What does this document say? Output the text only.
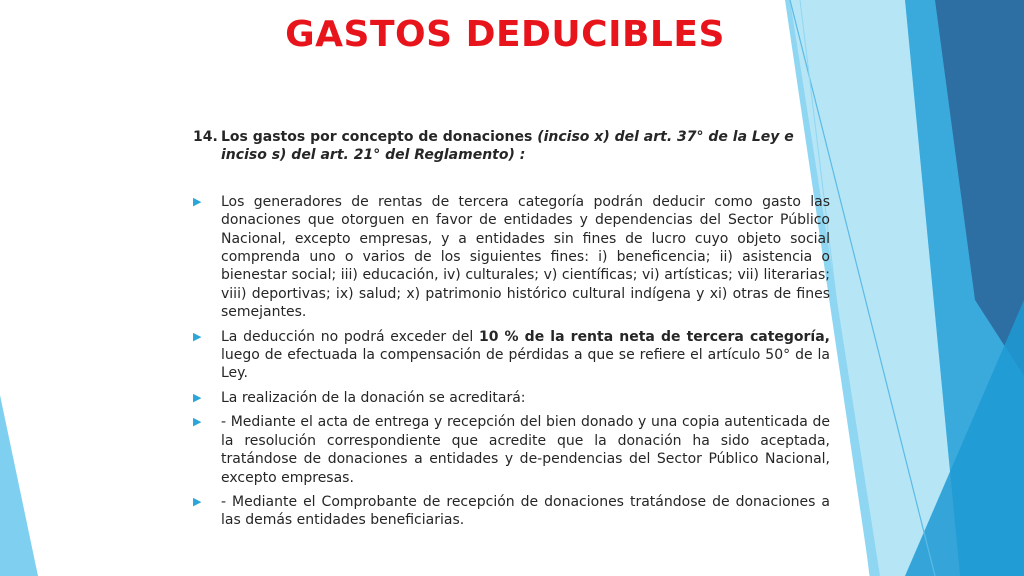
GASTOS DEDUCIBLES
14. Los gastos por concepto de donaciones (inciso x) del art. 37° de la Ley e inciso s) del art. 21° del Reglamento) :
▶	Los generadores de rentas de tercera categoría podrán deducir como gasto las donaciones que otorguen en favor de entidades y dependencias del Sector Público Nacional, excepto empresas, y a entidades sin fines de lucro cuyo objeto social comprenda uno o varios de los siguientes fines: i) beneficencia; ii) asistencia o bienestar social; iii) educación, iv) culturales; v) científicas; vi) artísticas; vii) literarias; viii) deportivas; ix) salud; x) patrimonio histórico cultural indígena y xi) otras de fines semejantes.
▶	La deducción no podrá exceder del 10 % de la renta neta de tercera categoría, luego de efectuada la compensación de pérdidas a que se refiere el artículo 50° de la Ley.
▶	La realización de la donación se acreditará:
▶	- Mediante el acta de entrega y recepción del bien donado y una copia autenticada de la resolución correspondiente que acredite que la donación ha sido aceptada, tratándose de donaciones a entidades y de-pendencias del Sector Público Nacional, excepto empresas.
▶	- Mediante el Comprobante de recepción de donaciones tratándose de donaciones a las demás entidades beneficiarias.
